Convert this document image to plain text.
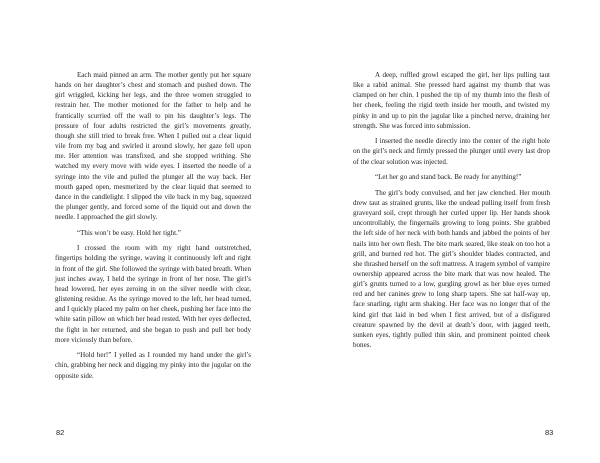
Each maid pinned an arm. The mother gently put her square hands on her daughter’s chest and stomach and pushed down. The girl wriggled, kicking her legs, and the three women struggled to restrain her. The mother motioned for the father to help and he frantically scurried off the wall to pin his daughter’s legs. The pressure of four adults restricted the girl’s movements greatly, though she still tried to break free. When I pulled out a clear liquid vile from my bag and swirled it around slowly, her gaze fell upon me. Her attention was transfixed, and she stopped writhing. She watched my every move with wide eyes. I inserted the needle of a syringe into the vile and pulled the plunger all the way back. Her mouth gaped open, mesmerized by the clear liquid that seemed to dance in the candlelight. I slipped the vile back in my bag, squeezed the plunger gently, and forced some of the liquid out and down the needle. I approached the girl slowly.

“This won’t be easy. Hold her tight.”

I crossed the room with my right hand outstretched, fingertips holding the syringe, waving it continuously left and right in front of the girl. She followed the syringe with bated breath. When just inches away, I held the syringe in front of her nose. The girl’s head lowered, her eyes zeroing in on the silver needle with clear, glistening residue. As the syringe moved to the left, her head turned, and I quickly placed my palm on her cheek, pushing her face into the white satin pillow on which her head rested. With her eyes deflected, the fight in her returned, and she began to push and pull her body more viciously than before.

“Hold her!” I yelled as I rounded my hand under the girl’s chin, grabbing her neck and digging my pinky into the jugular on the opposite side.

82

A deep, ruffled growl escaped the girl, her lips pulling taut like a rabid animal. She pressed hard against my thumb that was clamped on her chin. I pushed the tip of my thumb into the flesh of her cheek, feeling the rigid teeth inside her mouth, and twisted my pinky in and up to pin the jagular like a pinched nerve, draining her strength. She was forced into submission.

I inserted the needle directly into the center of the right hole on the girl’s neck and firmly pressed the plunger until every last drop of the clear solution was injected.

“Let her go and stand back. Be ready for anything!”

The girl’s body convulsed, and her jaw clenched. Her mouth drew taut as strained grunts, like the undead pulling itself from fresh graveyard soil, crept through her curled upper lip. Her hands shook uncontrollably, the fingernails growing to long points. She grabbed the left side of her neck with both hands and jabbed the points of her nails into her own flesh. The bite mark seared, like steak on too hot a grill, and burned red hot. The girl’s shoulder blades contracted, and she thrashed herself on the soft mattress. A tragem symbol of vampire ownership appeared across the bite mark that was now healed. The girl’s grunts turned to a low, gurgling growl as her blue eyes turned red and her canines grew to long sharp tapers. She sat half-way up, face snarling, right arm shaking. Her face was no longer that of the kind girl that laid in bed when I first arrived, but of a disfigured creature spawned by the devil at death’s door, with jagged teeth, sunken eyes, tightly pulled thin skin, and prominent pointed cheek bones.

83
